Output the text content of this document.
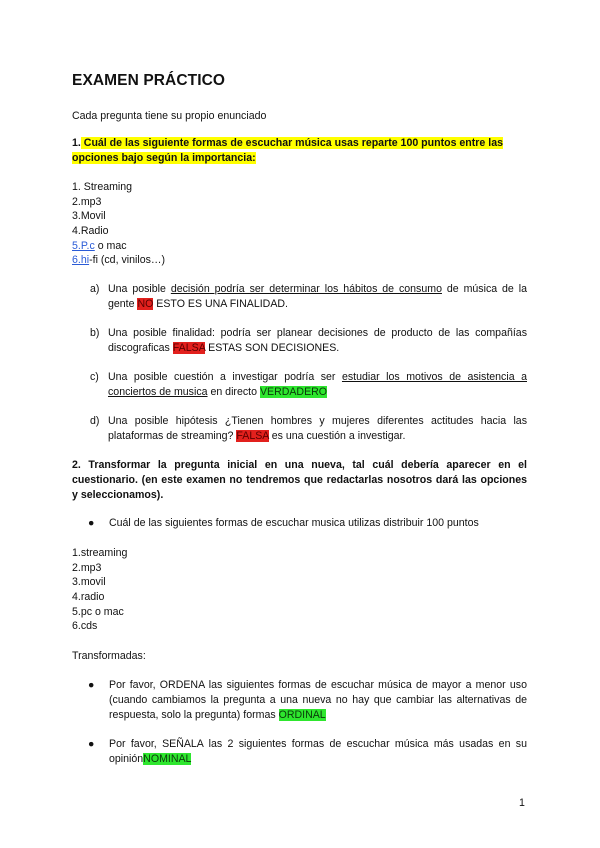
EXAMEN PRÁCTICO
Cada pregunta tiene su propio enunciado
1. Cuál de las siguiente formas de escuchar música usas reparte 100 puntos entre las opciones bajo según la importancia:
1. Streaming
2.mp3
3.Movil
4.Radio
5.P.c o mac
6.hi-fi (cd, vinilos…)
a) Una posible decisión podría ser determinar los hábitos de consumo de música de la gente NO ESTO ES UNA FINALIDAD.
b) Una posible finalidad: podría ser planear decisiones de producto de las compañías discograficas FALSA ESTAS SON DECISIONES.
c) Una posible cuestión a investigar podría ser estudiar los motivos de asistencia a conciertos de musica en directo VERDADERO
d) Una posible hipótesis ¿Tienen hombres y mujeres diferentes actitudes hacia las plataformas de streaming? FALSA es una cuestión a investigar.
2. Transformar la pregunta inicial en una nueva, tal cuál debería aparecer en el cuestionario. (en este examen no tendremos que redactarlas nosotros dará las opciones y seleccionamos).
● Cuál de las siguientes formas de escuchar musica utilizas distribuir 100 puntos
1.streaming
2.mp3
3.movil
4.radio
5.pc o mac
6.cds
Transformadas:
● Por favor, ORDENA las siguientes formas de escuchar música de mayor a menor uso (cuando cambiamos la pregunta a una nueva no hay que cambiar las alternativas de respuesta, solo la pregunta) formas ORDINAL
● Por favor, SEÑALA las 2 siguientes formas de escuchar música más usadas en su opiniónNOMINAL
1
